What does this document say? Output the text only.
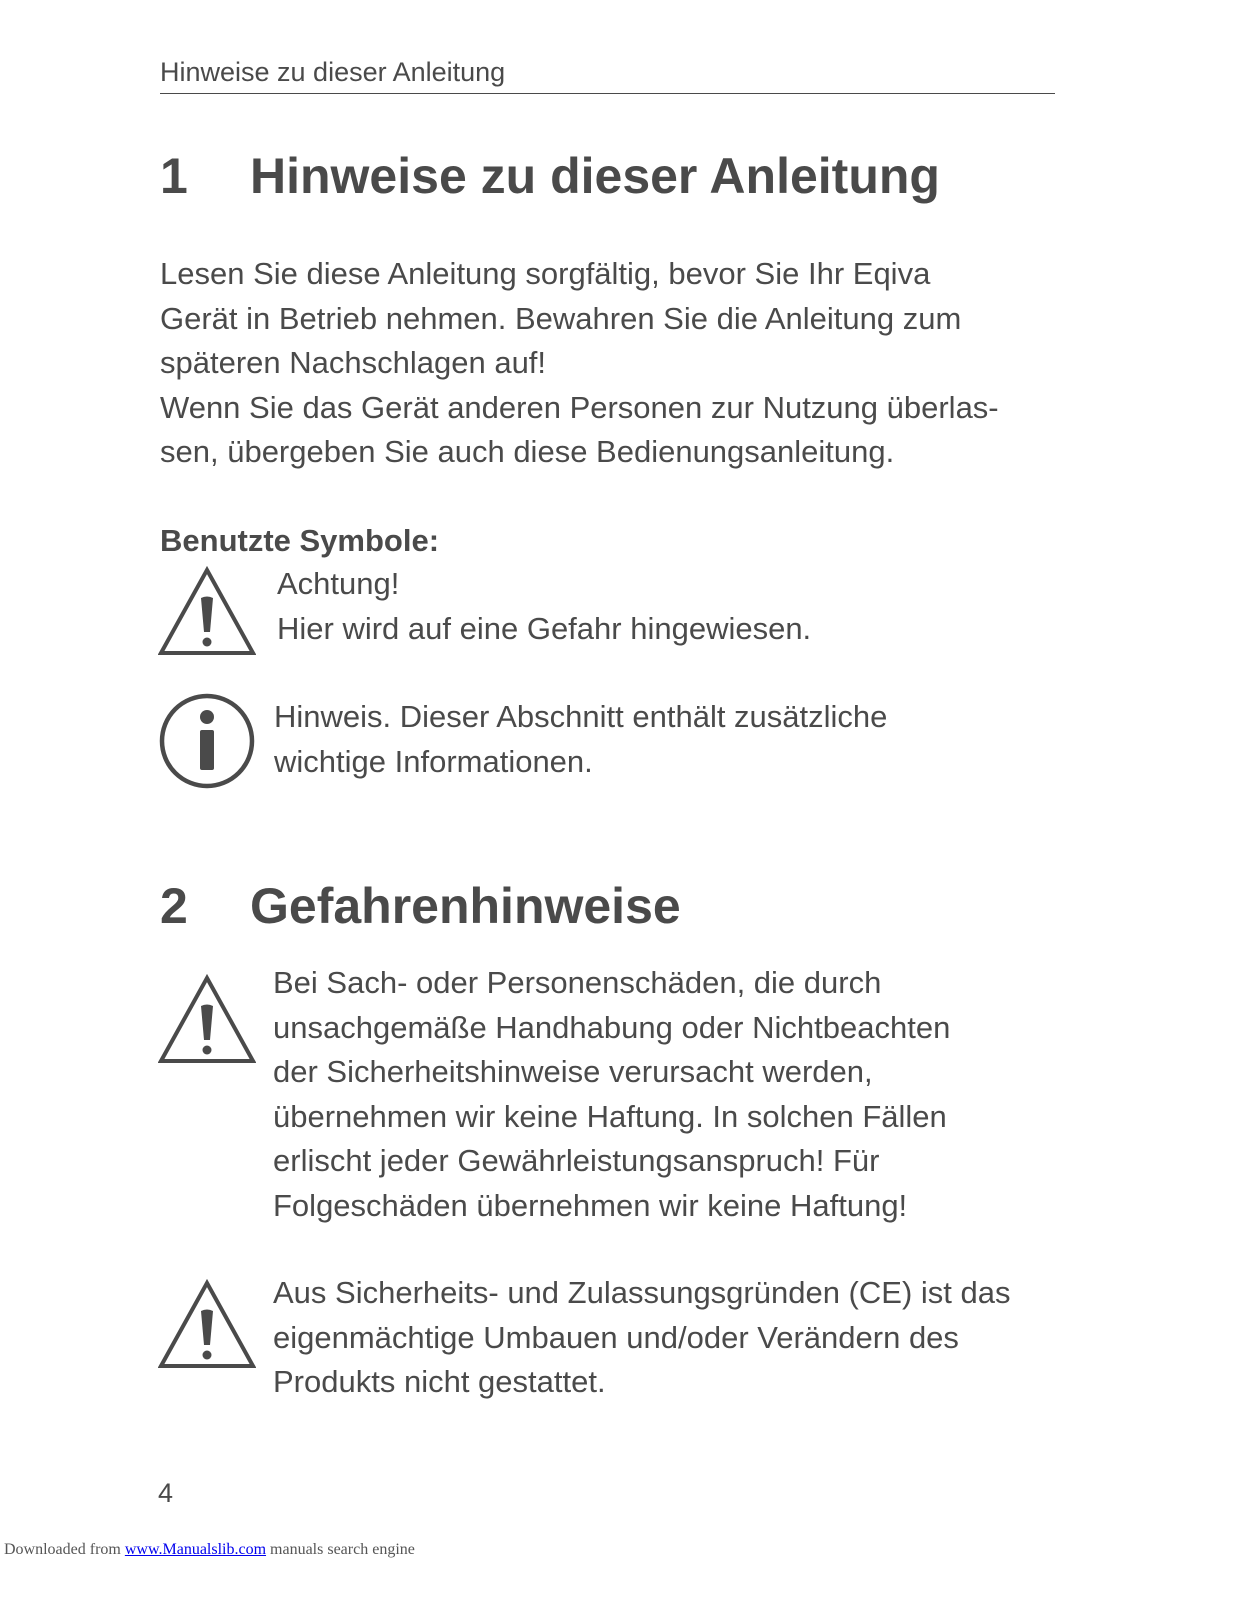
Hinweise zu dieser Anleitung
1 Hinweise zu dieser Anleitung
Lesen Sie diese Anleitung sorgfältig, bevor Sie Ihr Eqiva
Gerät in Betrieb nehmen. Bewahren Sie die Anleitung zum
späteren Nachschlagen auf!
Wenn Sie das Gerät anderen Personen zur Nutzung überlas-
sen, übergeben Sie auch diese Bedienungsanleitung.
Benutzte Symbole:
Achtung!
Hier wird auf eine Gefahr hingewiesen.
Hinweis. Dieser Abschnitt enthält zusätzliche
wichtige Informationen.
2 Gefahrenhinweise
Bei Sach- oder Personenschäden, die durch
unsachgemäße Handhabung oder Nichtbeachten
der Sicherheitshinweise verursacht werden,
übernehmen wir keine Haftung. In solchen Fällen
erlischt jeder Gewährleistungsanspruch! Für
Folgeschäden übernehmen wir keine Haftung!
Aus Sicherheits- und Zulassungsgründen (CE) ist das
eigenmächtige Umbauen und/oder Verändern des
Produkts nicht gestattet.
4
Downloaded from www.Manualslib.com manuals search engine
